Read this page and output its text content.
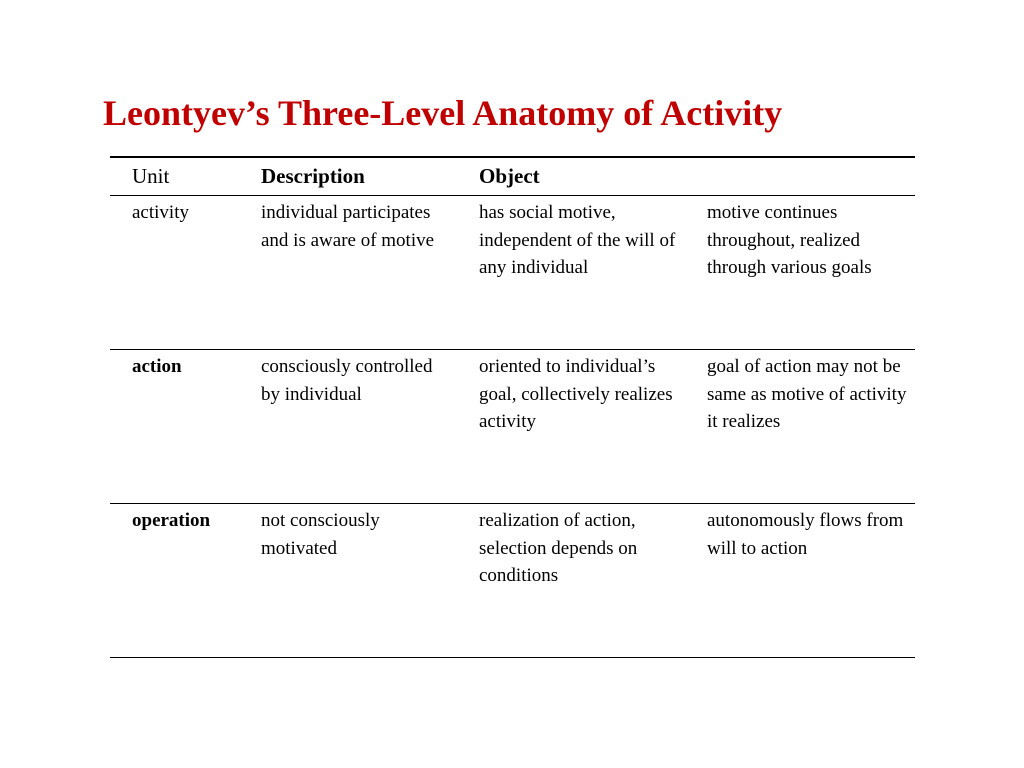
Leontyev’s Three-Level Anatomy of Activity
Unit	Description	Object	

activity	individual participates and is aware of motive	has social motive, independent of the will of any individual	motive continues throughout, realized through various goals

action	consciously controlled by individual	oriented to individual’s goal, collectively realizes activity	goal of action may not be same as motive of activity it realizes

operation	not consciously motivated	realization of action, selection depends on conditions	autonomously flows from will to action
